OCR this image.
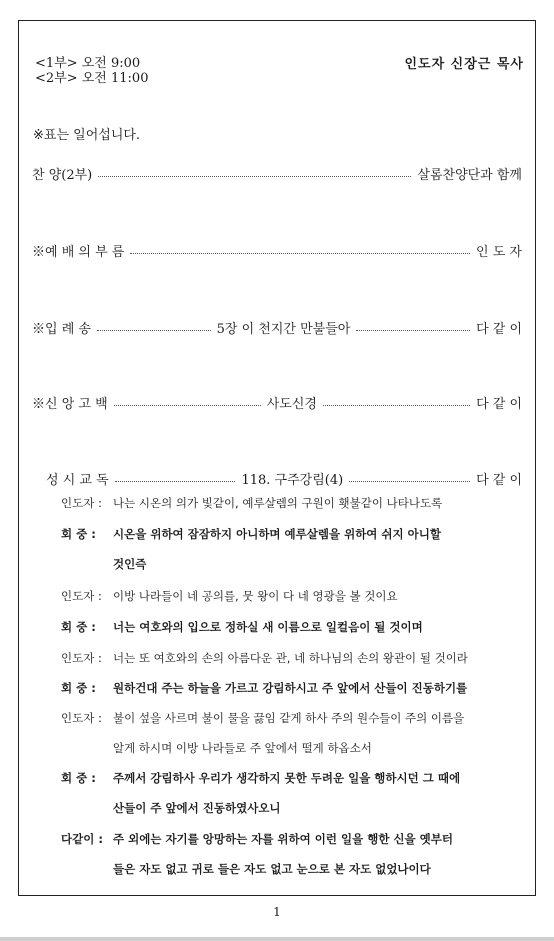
<1부> 오전 9:00
<2부> 오전 11:00
인도자 신장근 목사
※표는 일어섭니다.
찬 양(2부)	살롬찬양단과 함께
※예 배 의 부 름	인 도 자
※입 례 송	5장 이 천지간 만불들아	다 같 이
※신 앙 고 백	사도신경	다 같 이
성 시 교 독	118. 구주강림(4)	다 같 이
인도자 : 나는 시온의 의가 빛같이, 예루살렘의 구원이 횃불같이 나타나도록
회 중 : 시온을 위하여 잠잠하지 아니하며 예루살렘을 위하여 쉬지 아니할
것인즉
인도자 : 이방 나라들이 네 공의를, 뭇 왕이 다 네 영광을 볼 것이요
회 중 : 너는 여호와의 입으로 정하실 새 이름으로 일컬음이 될 것이며
인도자 : 너는 또 여호와의 손의 아름다운 관, 네 하나님의 손의 왕관이 될 것이라
회 중 : 원하건대 주는 하늘을 가르고 강림하시고 주 앞에서 산들이 진동하기를
인도자 : 불이 섶을 사르며 불이 물을 끓임 같게 하사 주의 원수들이 주의 이름을
알게 하시며 이방 나라들로 주 앞에서 떨게 하옵소서
회 중 : 주께서 강림하사 우리가 생각하지 못한 두려운 일을 행하시던 그 때에
산들이 주 앞에서 진동하였사오니
다같이 : 주 외에는 자기를 앙망하는 자를 위하여 이런 일을 행한 신을 옛부터
들은 자도 없고 귀로 들은 자도 없고 눈으로 본 자도 없었나이다
1
